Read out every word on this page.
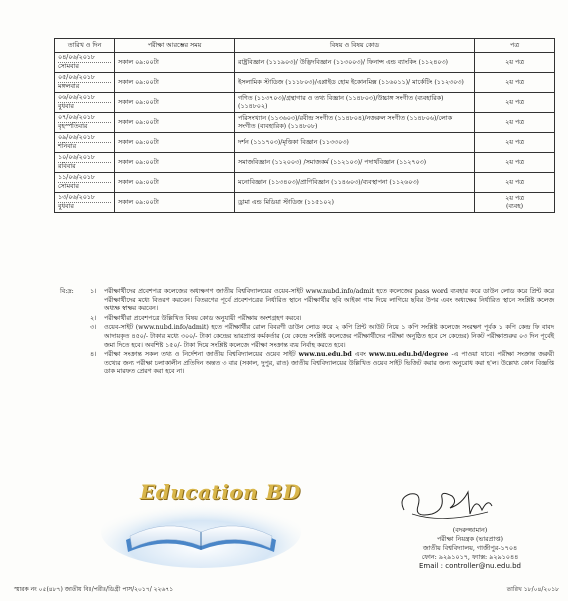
তারিখ ও দিন	পরীক্ষা আরম্ভের সময়	বিষয় ও বিষয় কোড	পত্র

০৪/০৬/২০১৮
সোমবার	সকাল ০৯:০০টা	রাষ্ট্রবিজ্ঞান (১১১৯০৩)/ উদ্ভিদবিজ্ঞান (১১৩০০৩)/ ফিনান্স এন্ড ব্যাংকিং (১১২৪০৩)	২য় পত্র

০৫/০৬/২০১৮
মঙ্গলবার	সকাল ০৯:০০টা	ইসলামিক স্টাডিজ (১১১৮০৩)/এপ্লাইড হোম ইকোনমিক্স (১১৬০১১)/ মার্কেটিং (১১২৩০৩)	২য় পত্র

০৬/০৬/২০১৮
বুধবার	সকাল ০৯:০০টা	গণিত (১১৩৭০৩)/গ্রন্থাগার ও তথ্য বিজ্ঞান (১১৪৮০৩)/উচ্চাঙ্গ সংগীত (ব্যবহারিক) (১১৪৮০২)	২য় পত্র

০৭/০৬/২০১৮
বৃহস্পতিবার	সকাল ০৯:০০টা	পরিসংখ্যান (১১৩৬০৩)/রবীন্দ্র সংগীত (১১৪৮০৪)/নজরুল সংগীত (১১৪৮০৬)/লোক সংগীত (ব্যবহারিক) (১১৪৮০৮)	২য় পত্র

০৯/০৬/২০১৮
শনিবার	সকাল ০৯:০০টা	দর্শন (১১১৭০৩)/মৃত্তিকা বিজ্ঞান (১১৩৩০৩)	২য় পত্র

১০/০৬/২০১৮
রবিবার	সকাল ০৯:০০টা	সমাজবিজ্ঞান (১১২০০৩) /সমাজকর্ম (১১২১০৩)/ পদার্থবিজ্ঞান (১১২৭০৩)	২য় পত্র

১১/০৬/২০১৮
সোমবার	সকাল ০৯:০০টা	মনোবিজ্ঞান (১১৩৪০৩)/প্রাণিবিজ্ঞান (১১৪৬০৩)/ব্যবস্থাপনা (১১২৬০৩)	২য় পত্র

১৩/০৬/২০১৮
বুধবার	সকাল ০৯:০০টা	ড্রামা এন্ড মিডিয়া স্টাডিজ (১১৫১০২)	২য় পত্র
(ব্যবহ)
বি:দ্র:	১।	পরীক্ষার্থীদের প্রবেশপত্র কলেজের অধ্যক্ষগণ জাতীয় বিশ্ববিদ্যালয়ের ওয়েব-সাইট www.nubd.info/admit হতে কলেজের pass word ব্যবহার করে ডাউন লোড করে প্রিন্ট করে পরীক্ষার্থীদের মধ্যে বিতরণ করবেন। বিতরণের পূর্বে প্রবেশপত্রের নির্ধারিত স্থানে পরীক্ষার্থীর ছবি আইকা গাম দিয়ে লাগিয়ে ছবির উপর এবং অধ্যক্ষের নির্ধারিত স্থানে সংশ্লিষ্ট কলেজ অধ্যক্ষ স্বাক্ষর করবেন।
২।	পরীক্ষার্থীরা প্রবেশপত্রে উল্লিখিত বিষয় কোড অনুযায়ী পরীক্ষায় অংশগ্রহণ করবে।
৩।	ওয়েব-সাইট (www.nubd.info/admit) হতে পরীক্ষার্থীর রোল বিবরণী ডাউন লোড করে ২ কপি প্রিন্ট আউট নিয়ে ১ কপি সংশ্লিষ্ট কলেজে সংরক্ষণ পূর্বক ১ কপি কেন্দ্র ফি বাবদ আদায়কৃত ৪৫০/- টাকার মধ্যে ৩০০/- টাকা কেন্দ্রের ভারপ্রাপ্ত কর্মকর্তার (যে কেন্দ্রে সংশ্লিষ্ট কলেজের পরীক্ষার্থীদের পরীক্ষা অনুষ্ঠিত হবে সে কেন্দ্রের) নিকট পরীক্ষাশুরুর ০৩ দিন পূর্বেই জমা দিতে হবে। অবশিষ্ট ১৫০/- টাকা দিয়ে সংশ্লিষ্ট কলেজে পরীক্ষা সংক্রান্ত ব্যয় নির্বাহ করতে হবে।
৪।	পরীক্ষা সংক্রান্ত সকল তথ্য ও নির্দেশনা জাতীয় বিশ্ববিদ্যালয়ের ওয়েব সাইট www.nu.edu.bd এবং www.nu.edu.bd/degree -এ পাওয়া যাবে। পরীক্ষা সংক্রান্ত জরুরী তথ্যের জন্য পরীক্ষা চলাকালীন প্রতিদিন অন্তত ৩ বার (সকাল, দুপুর, রাত) জাতীয় বিশ্ববিদ্যালয়ের উল্লিখিত ওয়েব সাইট ভিজিট করার জন্য অনুরোধ করা হ'ল। উল্লেখ্য কোন বিজ্ঞপ্তি ডাক মারফত প্রেরণ করা হবে না।
Education BD
(বদরুজ্জামান)
পরীক্ষা নিয়ন্ত্রক (ভারপ্রাপ্ত)
জাতীয় বিশ্ববিদ্যালয়, গাজীপুর-১৭০৪
ফোন: ৯২৯১০১৭, ফ্যাক্স: ৯২৯১০৪৪
Email : controller@nu.edu.bd
স্মারক নং ০৫(৪৮৭) জাতীয় বিঃ/পরীঃ/ডিগ্রী পাস/২০১৭/ ২২৬৭১	তারিখ ১৮/০৪/২০১৮
